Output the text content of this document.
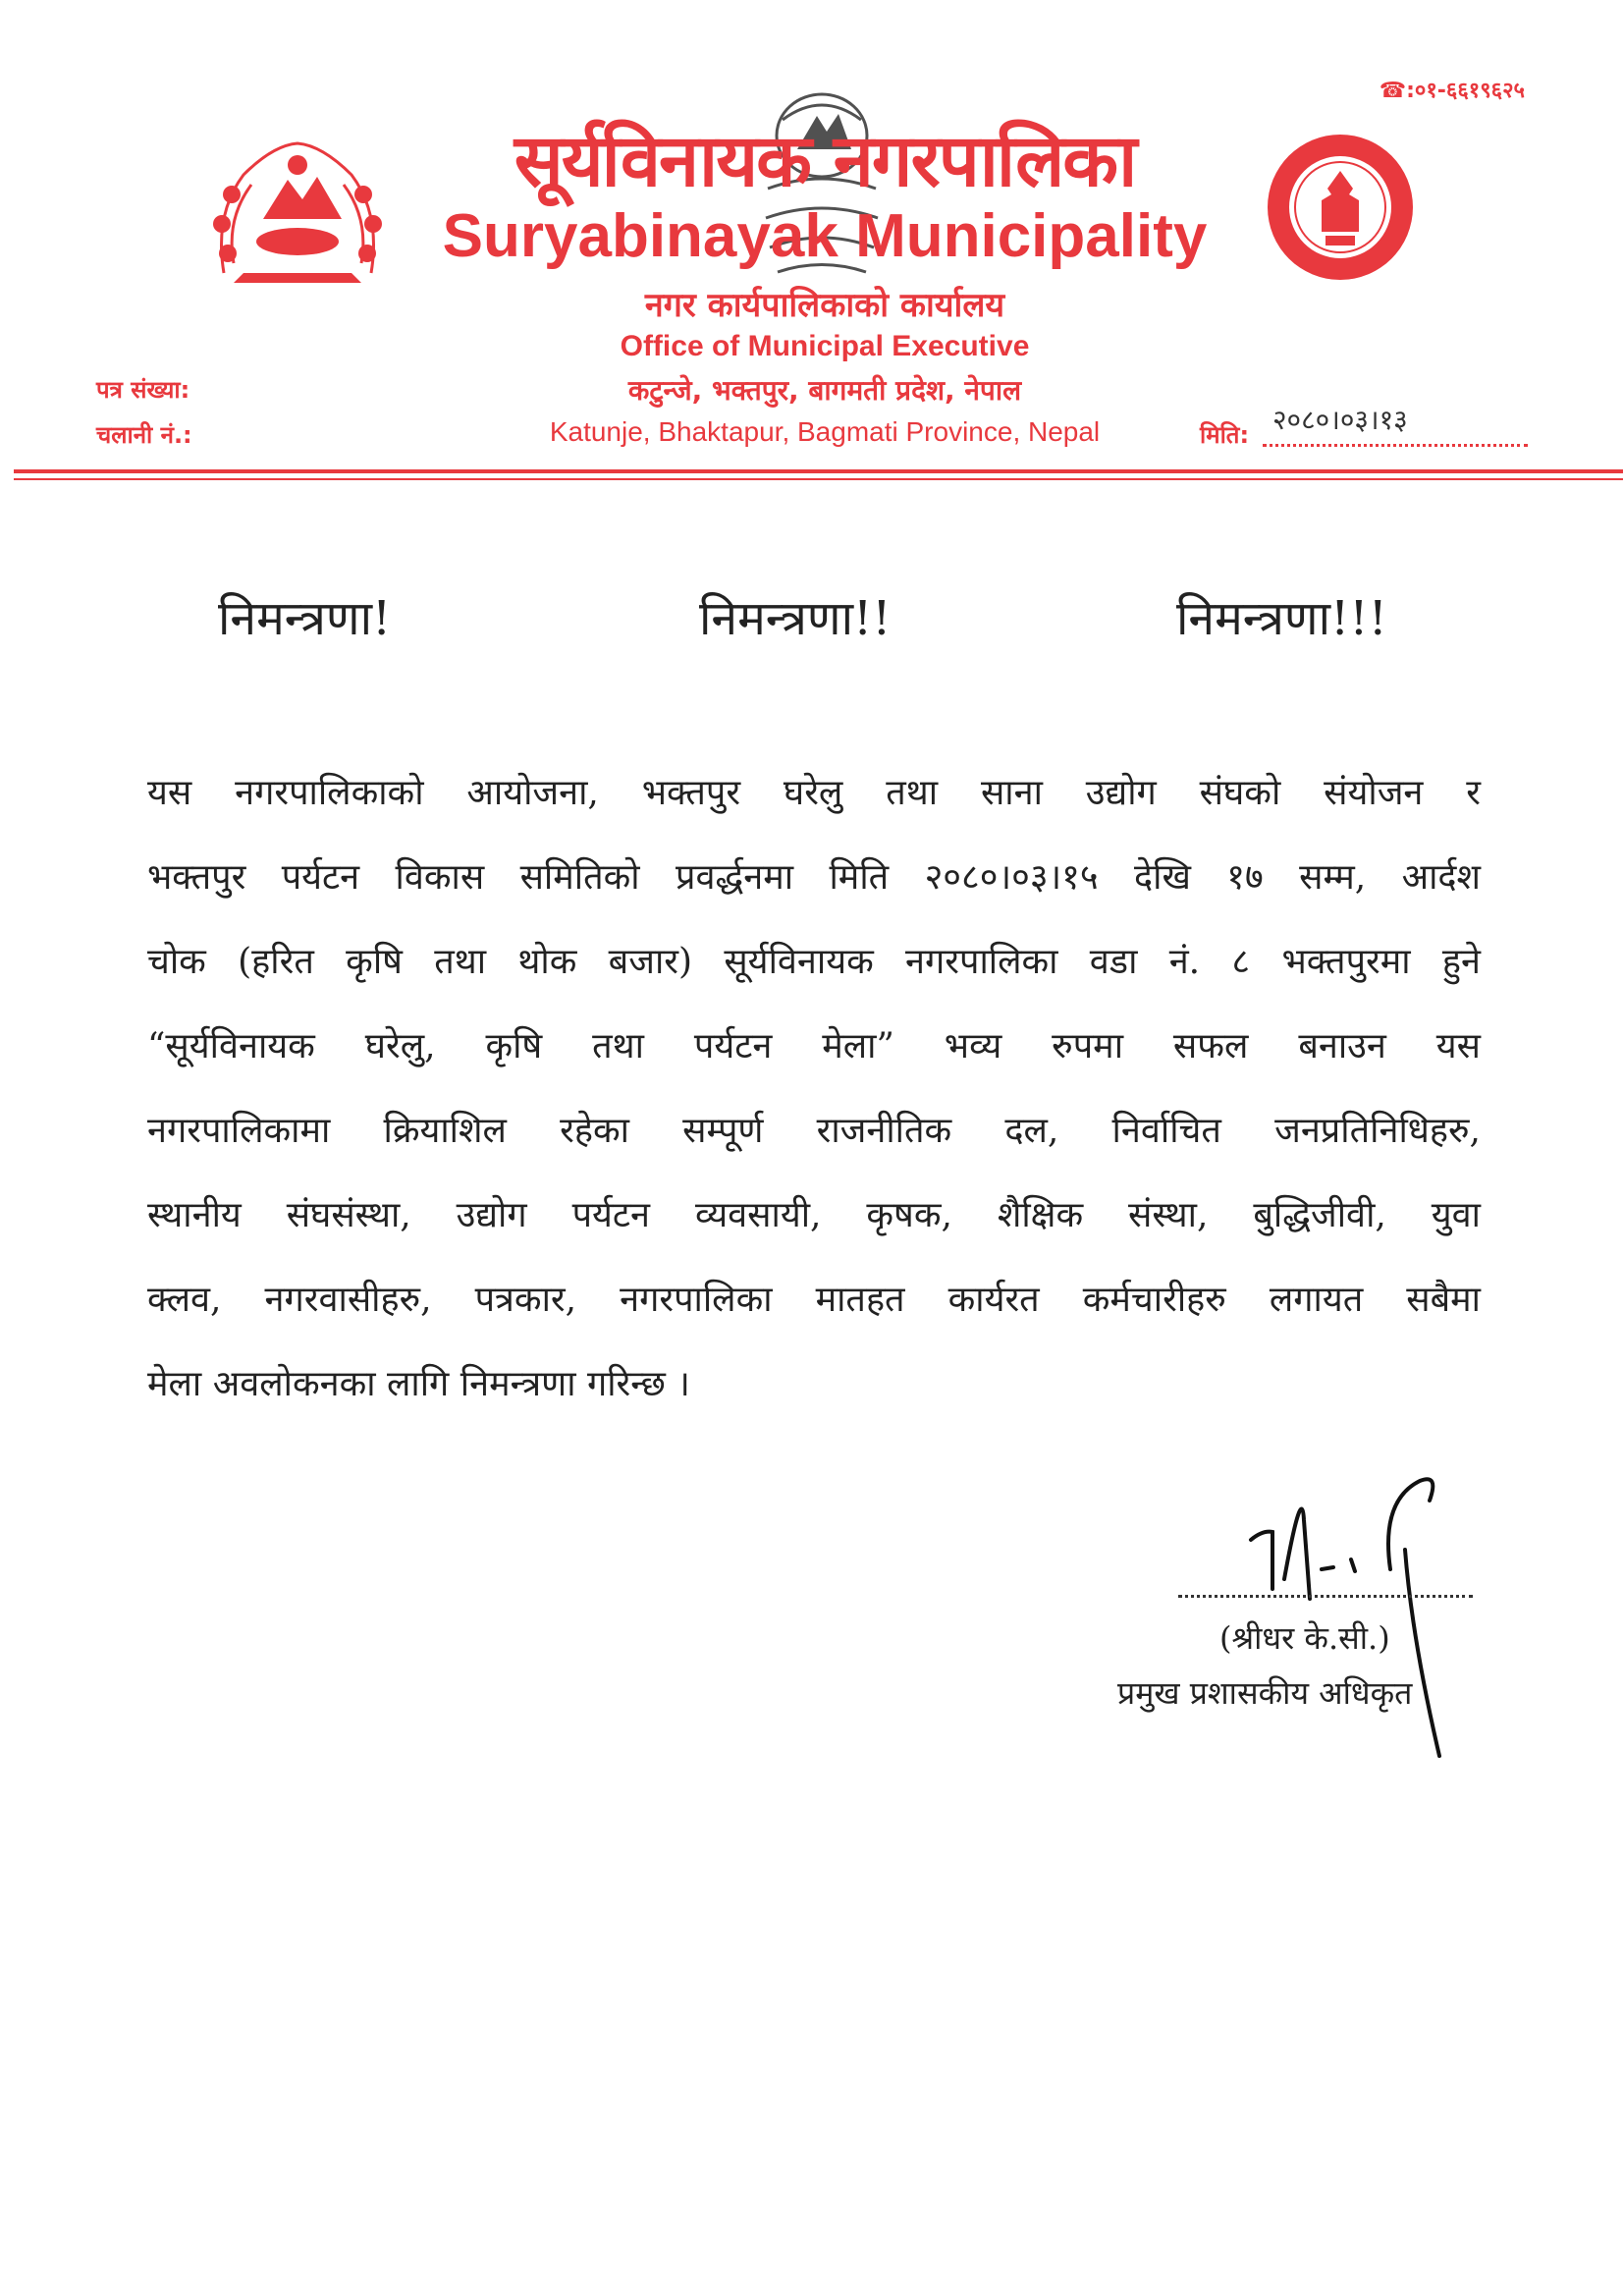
☎:०१-६६१९६२५
सूर्यविनायक नगरपालिका
Suryabinayak Municipality
नगर कार्यपालिकाको कार्यालय
Office of Municipal Executive
कटुन्जे, भक्तपुर, बागमती प्रदेश, नेपाल
Katunje, Bhaktapur, Bagmati Province, Nepal
पत्र संख्या:
चलानी नं.:	मिति: २०८०।०३।१३
निमन्त्रणा!	निमन्त्रणा!!	निमन्त्रणा!!!
यस नगरपालिकाको आयोजना, भक्तपुर घरेलु तथा साना उद्योग संघको संयोजन र
भक्तपुर पर्यटन विकास समितिको प्रवर्द्धनमा मिति २०८०।०३।१५ देखि १७ सम्म, आर्दश
चोक (हरित कृषि तथा थोक बजार) सूर्यविनायक नगरपालिका वडा नं. ८ भक्तपुरमा हुने
“सूर्यविनायक घरेलु, कृषि तथा पर्यटन मेला” भव्य रुपमा सफल बनाउन यस
नगरपालिकामा क्रियाशिल रहेका सम्पूर्ण राजनीतिक दल, निर्वाचित जनप्रतिनिधिहरु,
स्थानीय संघसंस्था, उद्योग पर्यटन व्यवसायी, कृषक, शैक्षिक संस्था, बुद्धिजीवी, युवा
क्लव, नगरवासीहरु, पत्रकार, नगरपालिका मातहत कार्यरत कर्मचारीहरु लगायत सबैमा
मेला अवलोकनका लागि निमन्त्रणा गरिन्छ ।
(श्रीधर के.सी.)
प्रमुख प्रशासकीय अधिकृत
